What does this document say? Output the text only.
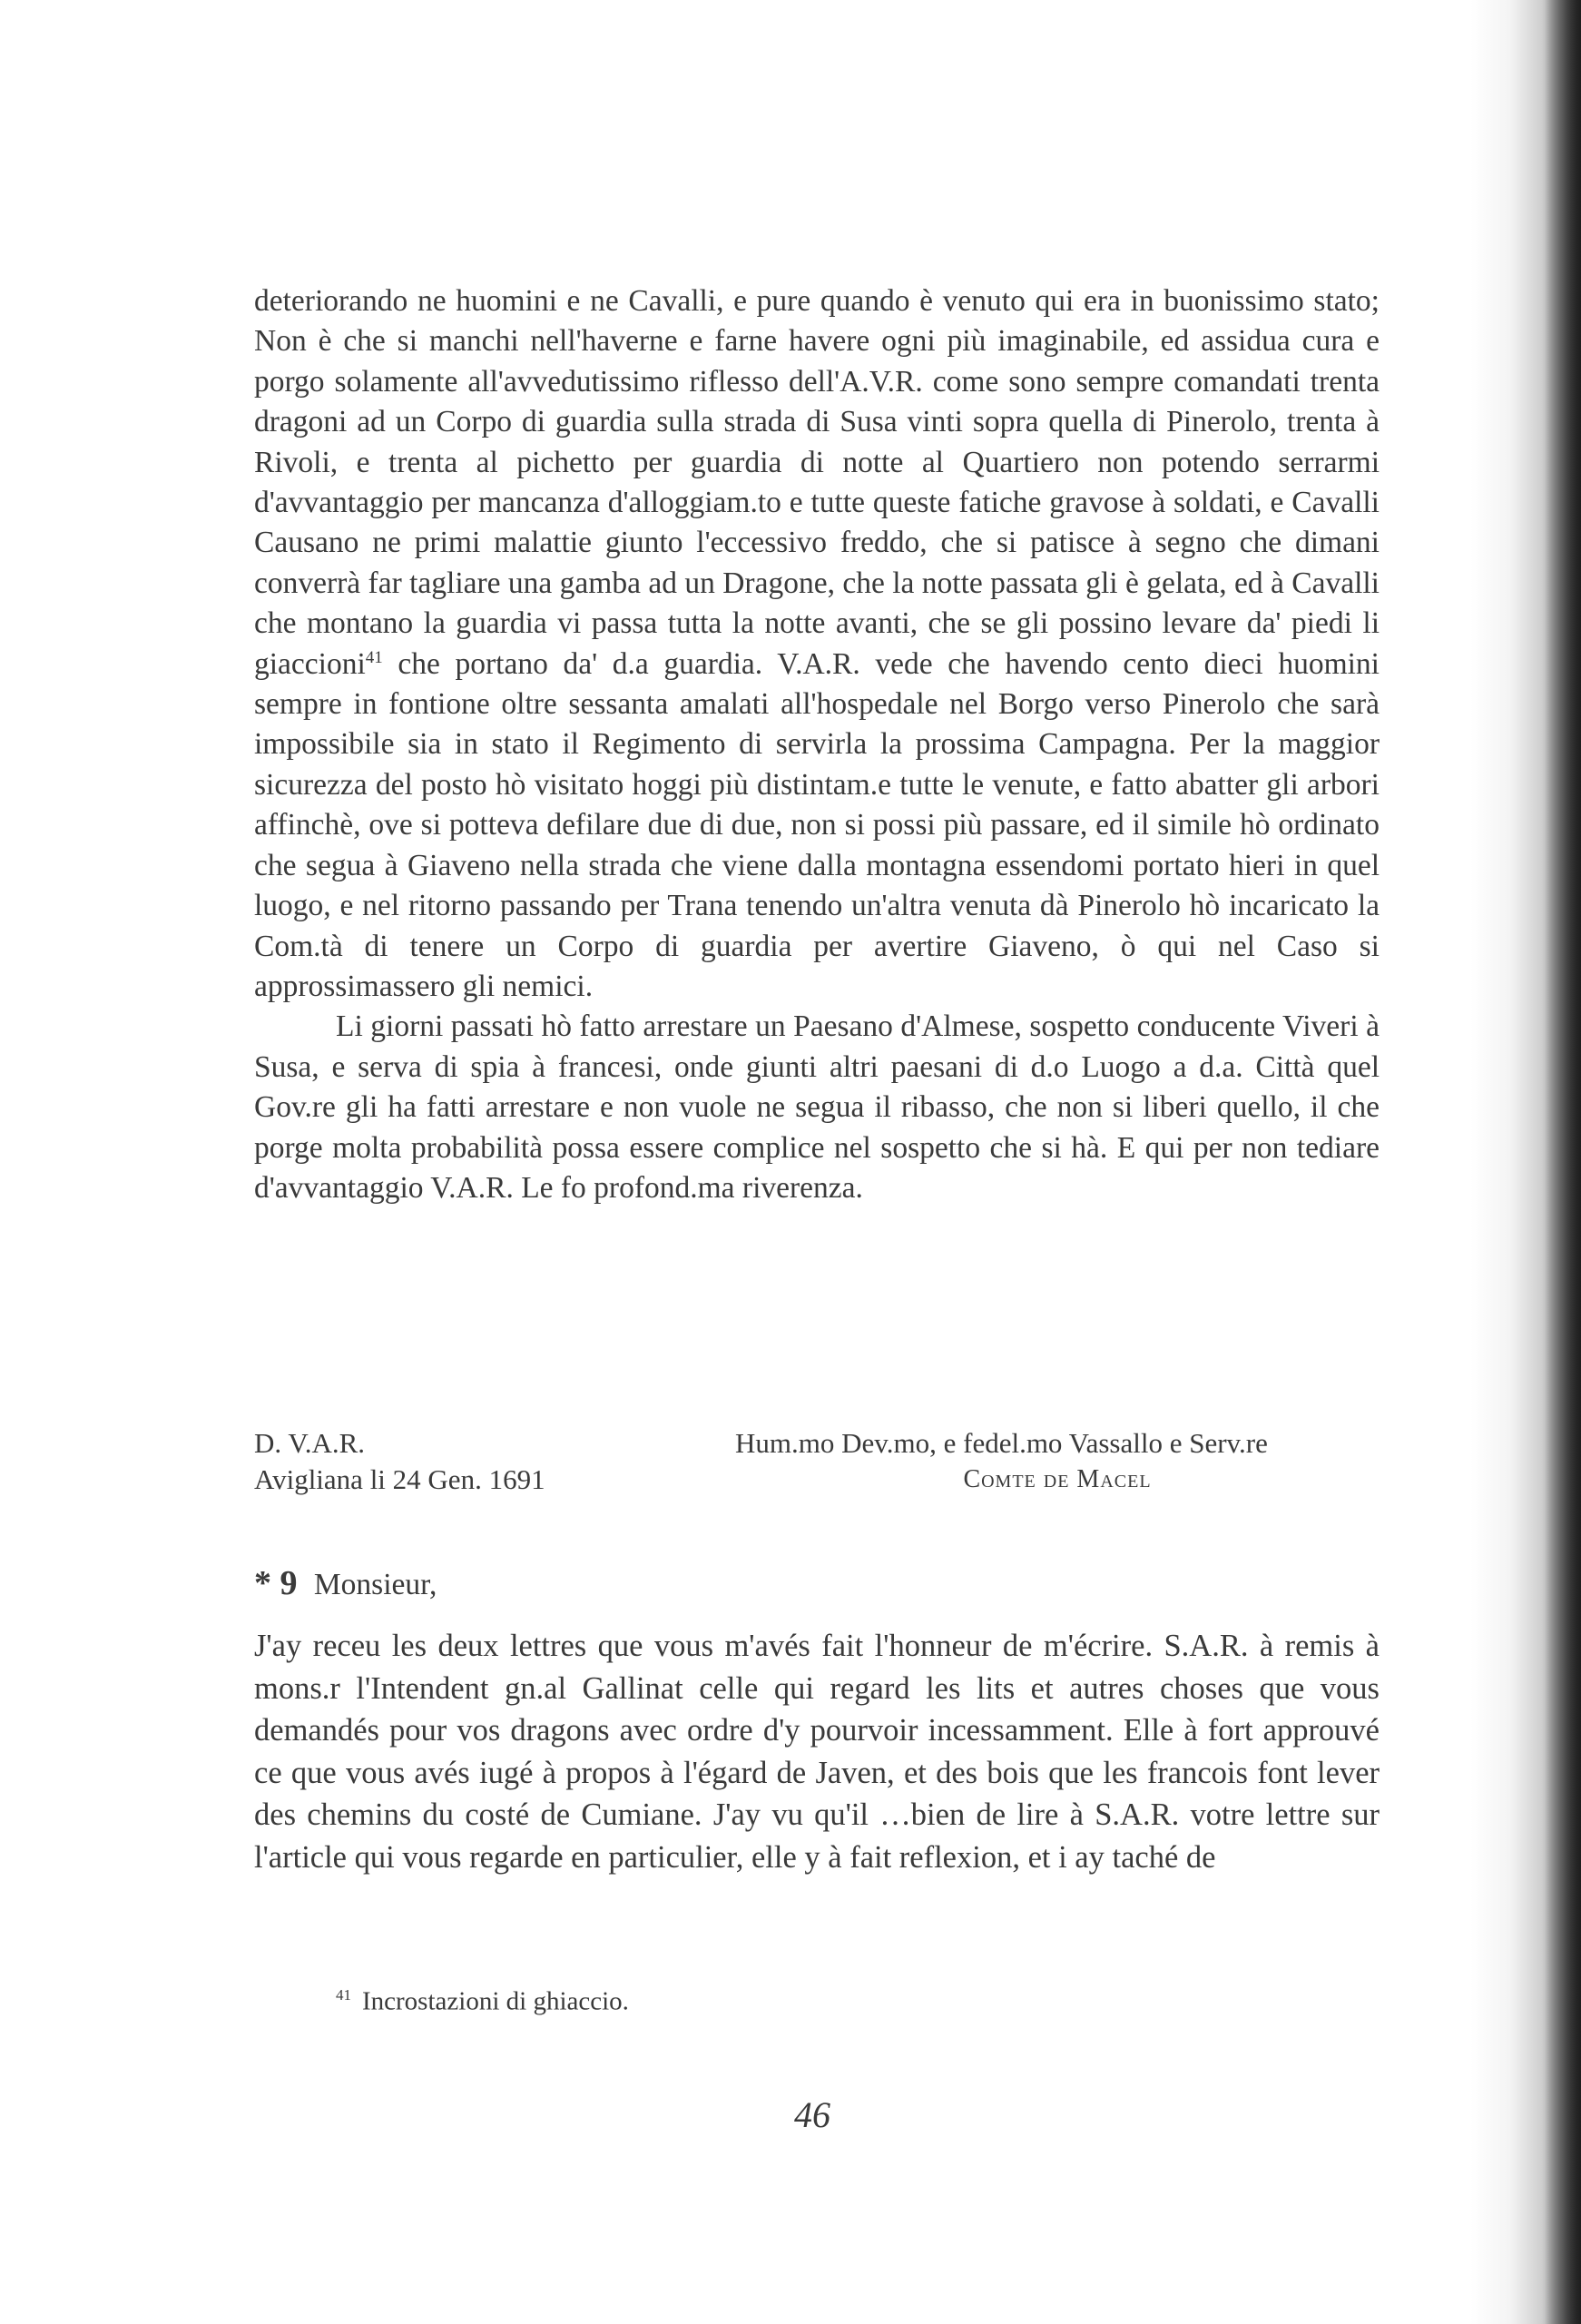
deteriorando ne huomini e ne Cavalli, e pure quando è venuto qui era in buonissimo stato; Non è che si manchi nell'haverne e farne havere ogni più imaginabile, ed assidua cura e porgo solamente all'avvedutissimo riflesso dell'A.V.R. come sono sempre comandati trenta dragoni ad un Corpo di guardia sulla strada di Susa vinti sopra quella di Pinerolo, trenta à Rivoli, e trenta al pichetto per guardia di notte al Quartiero non potendo serrarmi d'avvantaggio per mancanza d'alloggiam.to e tutte queste fatiche gravose à soldati, e Cavalli Causano ne primi malattie giunto l'eccessivo freddo, che si patisce à segno che dimani converrà far tagliare una gamba ad un Dragone, che la notte passata gli è gelata, ed à Cavalli che montano la guardia vi passa tutta la notte avanti, che se gli possino levare da' piedi li giaccioni$^{41}$ che portano da' d.a guardia. V.A.R. vede che havendo cento dieci huomini sempre in fontione oltre sessanta amalati all'hospedale nel Borgo verso Pinerolo che sarà impossibile sia in stato il Regimento di servirla la prossima Campagna. Per la maggior sicurezza del posto hò visitato hoggi più distintam.e tutte le venute, e fatto abatter gli arbori affinchè, ove si potteva defilare due di due, non si possi più passare, ed il simile hò ordinato che segua à Giaveno nella strada che viene dalla montagna essendomi portato hieri in quel luogo, e nel ritorno passando per Trana tenendo un'altra venuta dà Pinerolo hò incaricato la Com.tà di tenere un Corpo di guardia per avertire Giaveno, ò qui nel Caso si approssimassero gli nemici.

Li giorni passati hò fatto arrestare un Paesano d'Almese, sospetto conducente Viveri à Susa, e serva di spia à francesi, onde giunti altri paesani di d.o Luogo a d.a. Città quel Gov.re gli ha fatti arrestare e non vuole ne segua il ribasso, che non si liberi quello, il che porge molta probabilità possa essere complice nel sospetto che si hà. E qui per non tediare d'avvantaggio V.A.R. Le fo profond.ma riverenza.

D. V.A.R.
Avigliana li 24 Gen. 1691
Hum.mo Dev.mo, e fedel.mo Vassallo e Serv.re
Comte de Macel
* 9 Monsieur,

J'ay receu les deux lettres que vous m'avés fait l'honneur de m'écrire. S.A.R. à remis à mons.r l'Intendent gn.al Gallinat celle qui regard les lits et autres choses que vous demandés pour vos dragons avec ordre d'y pourvoir incessamment. Elle à fort approuvé ce que vous avés iugé à propos à l'égard de Javen, et des bois que les francois font lever des chemins du costé de Cumiane. J'ay vu qu'il …bien de lire à S.A.R. votre lettre sur l'article qui vous regarde en particulier, elle y à fait reflexion, et i ay taché de

$^{41}$ Incrostazioni di ghiaccio.
46
